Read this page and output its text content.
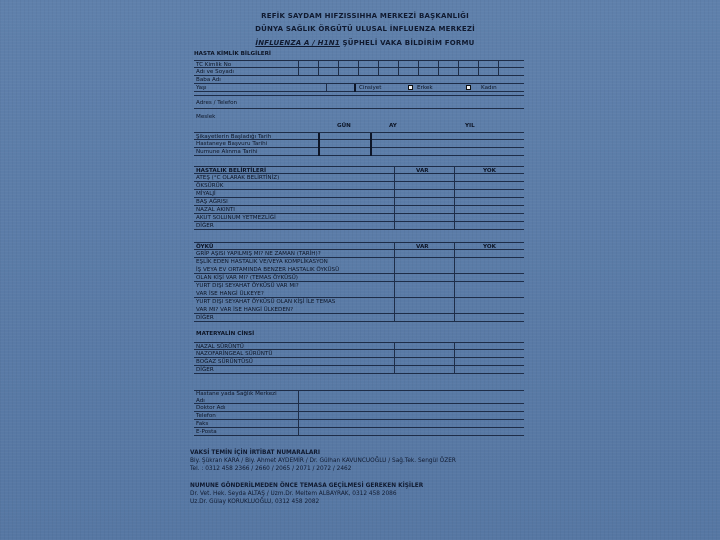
REFİK SAYDAM HIFZISSIHHA MERKEZİ BAŞKANLIĞI
DÜNYA SAĞLIK ÖRGÜTÜ ULUSAL İNFLUENZA MERKEZİ
İNFLUENZA A / H1N1 ŞÜPHELİ VAKA BİLDİRİM FORMU
HASTA KİMLİK BİLGİLERİ
TC Kimlik No
Adı ve Soyadı
Baba Adı
Yaşı	Cinsiyet	Erkek	Kadın
Adres / Telefon
Meslek
GÜN	AY	YIL
Şikayetlerin Başladığı Tarih
Hastaneye Başvuru Tarihi
Numune Alınma Tarihi
HASTALIK BELİRTİLERİ	VAR	YOK
ATEŞ (°C OLARAK BELİRTİNİZ)
ÖKSÜRÜK
MİYALJİ
BAŞ AĞRISI
NAZAL AKINTI
AKUT SOLUNUM YETMEZLİĞİ
DİĞER
ÖYKÜ	VAR	YOK
GRİP AŞISI YAPILMIŞ MI? NE ZAMAN (TARİH)?
EŞLİK EDEN HASTALIK VE/VEYA KOMPLİKASYON
İŞ VEYA EV ORTAMINDA BENZER HASTALIK ÖYKÜSÜ
OLAN KİŞİ VAR MI? (TEMAS ÖYKÜSÜ)
YURT DIŞI SEYAHAT ÖYKÜSÜ VAR MI?
VAR İSE HANGİ ÜLKEYE?
YURT DIŞI SEYAHAT ÖYKÜSÜ OLAN KİŞİ İLE TEMAS
VAR MI? VAR İSE HANGİ ÜLKEDEN?
DİĞER
MATERYALİN CİNSİ
NAZAL SÜRÜNTÜ
NAZOFARİNGEAL SÜRÜNTÜ
BOĞAZ SÜRÜNTÜSÜ
DİĞER
Hastane yada Sağlık Merkezi
Adı
Doktor Adı
Telefon
Faks
E-Posta
VAKSİ TEMİN İÇİN İRTİBAT NUMARALARI
Biy. Şükran KARA / Biy. Ahmet AYDEMİR / Dr. Gülhan KAVUNCUOĞLU / Sağ.Tek. Sengül ÖZER
Tel. : 0312 458 2366 / 2660 / 2065 / 2071 / 2072 / 2462
NUMUNE GÖNDERİLMEDEN ÖNCE TEMASA GEÇİLMESİ GEREKEN KİŞİLER
Dr. Vet. Hek. Seyda ALTAŞ / Uzm.Dr. Meltem ALBAYRAK, 0312 458 2086
Uz.Dr. Gülay KORUKLUOĞLU, 0312 458 2082
